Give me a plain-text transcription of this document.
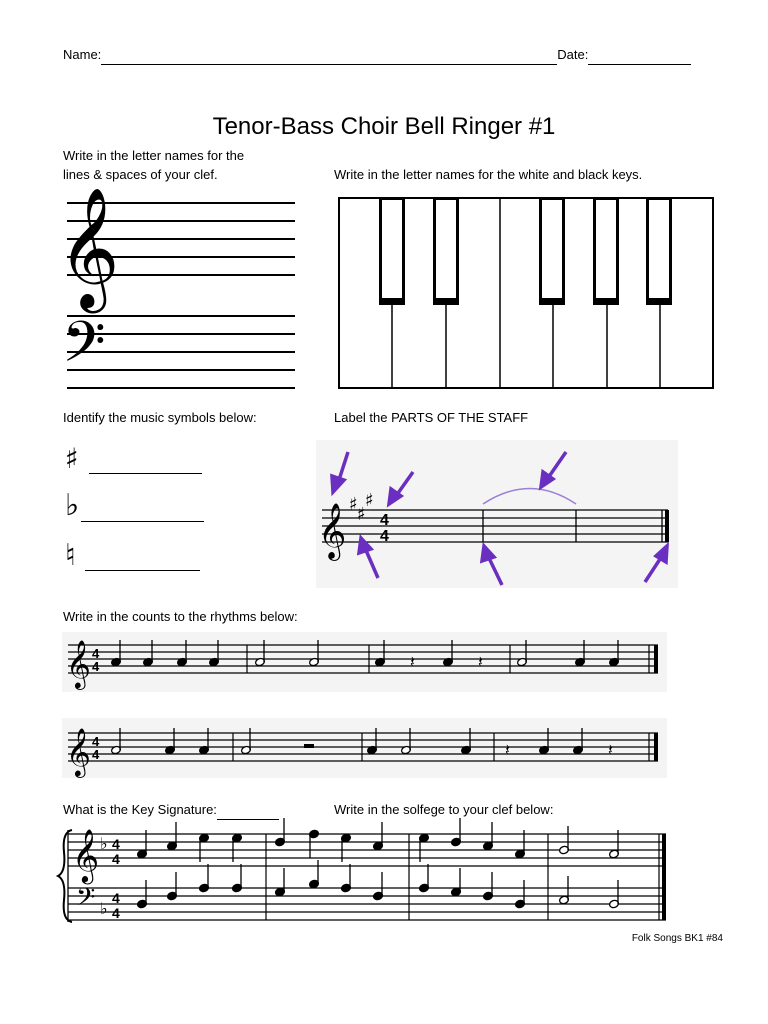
Name:	Date:
Tenor-Bass Choir Bell Ringer #1
Write in the letter names for the
lines & spaces of your clef.
𝄞
𝄢
Write in the letter names for the white and black keys.
Identify the music symbols below:
♯
♭
♮
Label the PARTS OF THE STAFF
𝄞 ♯ ♯
♯
4
4
Write in the counts to the rhythms below:
𝄞 4
4	𝄽	𝄽
𝄞 4
4	𝄽	𝄽
What is the Key Signature:	Write in the solfege to your clef below:
𝄞
𝄢
♭
♭
4
4
4
4
Folk Songs BK1 #84
